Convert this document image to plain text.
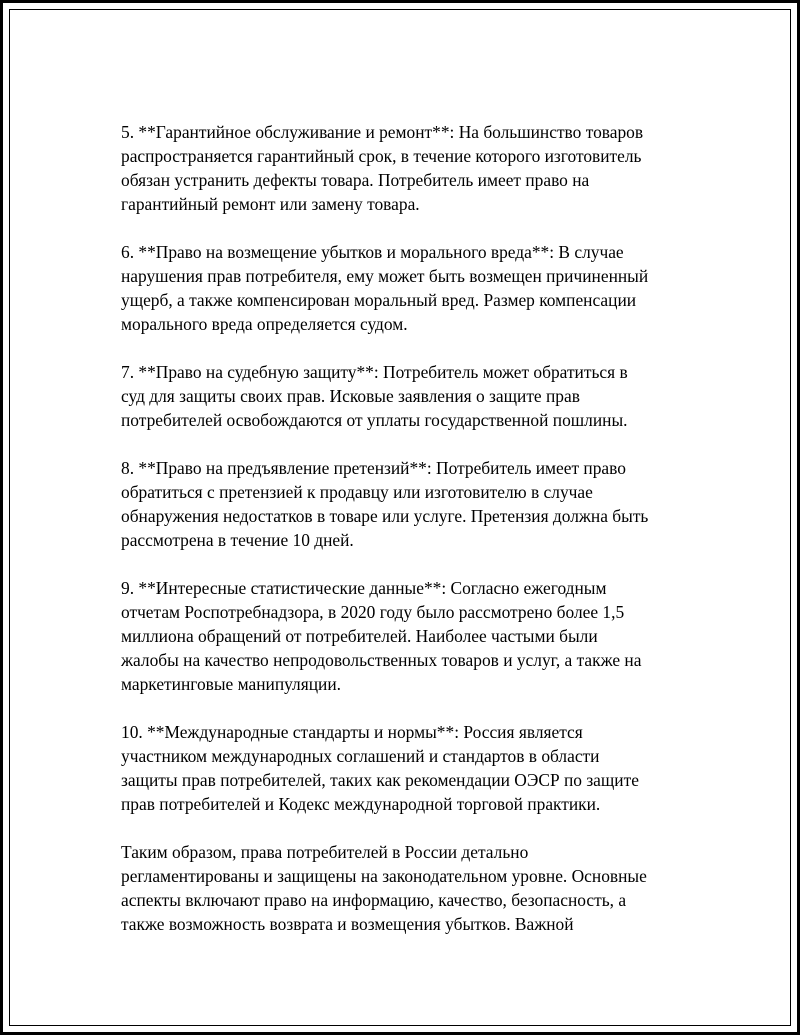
5. **Гарантийное обслуживание и ремонт**: На большинство товаров
распространяется гарантийный срок, в течение которого изготовитель
обязан устранить дефекты товара. Потребитель имеет право на
гарантийный ремонт или замену товара.

6. **Право на возмещение убытков и морального вреда**: В случае
нарушения прав потребителя, ему может быть возмещен причиненный
ущерб, а также компенсирован моральный вред. Размер компенсации
морального вреда определяется судом.

7. **Право на судебную защиту**: Потребитель может обратиться в
суд для защиты своих прав. Исковые заявления о защите прав
потребителей освобождаются от уплаты государственной пошлины.

8. **Право на предъявление претензий**: Потребитель имеет право
обратиться с претензией к продавцу или изготовителю в случае
обнаружения недостатков в товаре или услуге. Претензия должна быть
рассмотрена в течение 10 дней.

9. **Интересные статистические данные**: Согласно ежегодным
отчетам Роспотребнадзора, в 2020 году было рассмотрено более 1,5
миллиона обращений от потребителей. Наиболее частыми были
жалобы на качество непродовольственных товаров и услуг, а также на
маркетинговые манипуляции.

10. **Международные стандарты и нормы**: Россия является
участником международных соглашений и стандартов в области
защиты прав потребителей, таких как рекомендации ОЭСР по защите
прав потребителей и Кодекс международной торговой практики.

Таким образом, права потребителей в России детально
регламентированы и защищены на законодательном уровне. Основные
аспекты включают право на информацию, качество, безопасность, а
также возможность возврата и возмещения убытков. Важной
